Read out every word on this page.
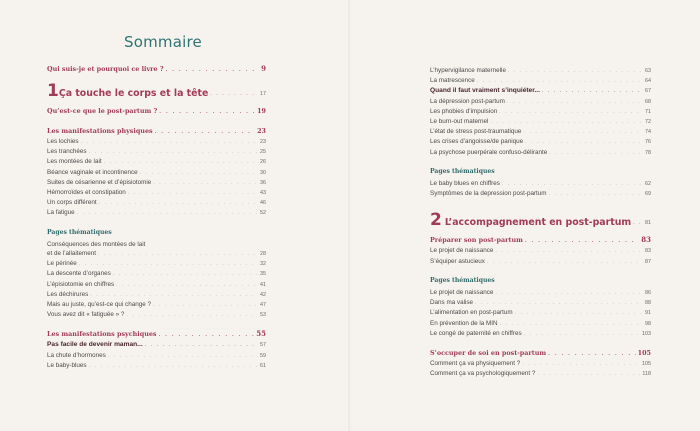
Sommaire
Qui suis-je et pourquoi ce livre ? . . .	9
1 Ça touche le corps et la tête . . .	17
Qu’est-ce que le post-partum ? . . .	19
Les manifestations physiques . . .	23
Les lochies . . .	23
Les tranchées . . .	25
Les montées de lait . . .	26
Béance vaginale et incontinence . . .	30
Suites de césarienne et d’épisiotomie . . .	36
Hémorroïdes et constipation . . .	43
Un corps différent . . .	46
La fatigue . . .	52
Pages thématiques
Conséquences des montées de lait
et de l’allaitement . . .	28
Le périnée . . .	32
La descente d’organes . . .	35
L’épisiotomie en chiffres . . .	41
Les déchirures . . .	42
Mais au juste, qu’est-ce qui change ? . . .	47
Vous avez dit « fatiguée » ? . . .	53
Les manifestations psychiques . . .	55
Pas facile de devenir maman... . . .	57
La chute d’hormones . . .	59
Le baby-blues . . .	61
L’hypervigilance maternelle . . .	63
La matrescence . . .	64
Quand il faut vraiment s’inquiéter... . . .	67
La dépression post-partum . . .	68
Les phobies d’impulsion . . .	71
Le burn-out maternel . . .	72
L’état de stress post-traumatique . . .	74
Les crises d’angoisse/de panique . . .	76
La psychose puerpérale confuso-délirante . . .	78
Pages thématiques
Le baby blues en chiffres . . .	62
Symptômes de la depression post-partum . . .	69
2 L’accompagnement en post-partum . . .	81
Préparer son post-partum . . .	83
Le projet de naissance . . .	83
S’équiper astucieux . . .	87
Pages thématiques
Le projet de naissance . . .	86
Dans ma valise . . .	88
L’alimentation en post-partum . . .	91
En prévention de la MIN . . .	98
Le congé de paternité en chiffres . . .	103
S’occuper de soi en post-partum . . .	105
Comment ça va physiquement ? . . .	105
Comment ça va psychologiquement ? . . .	118
